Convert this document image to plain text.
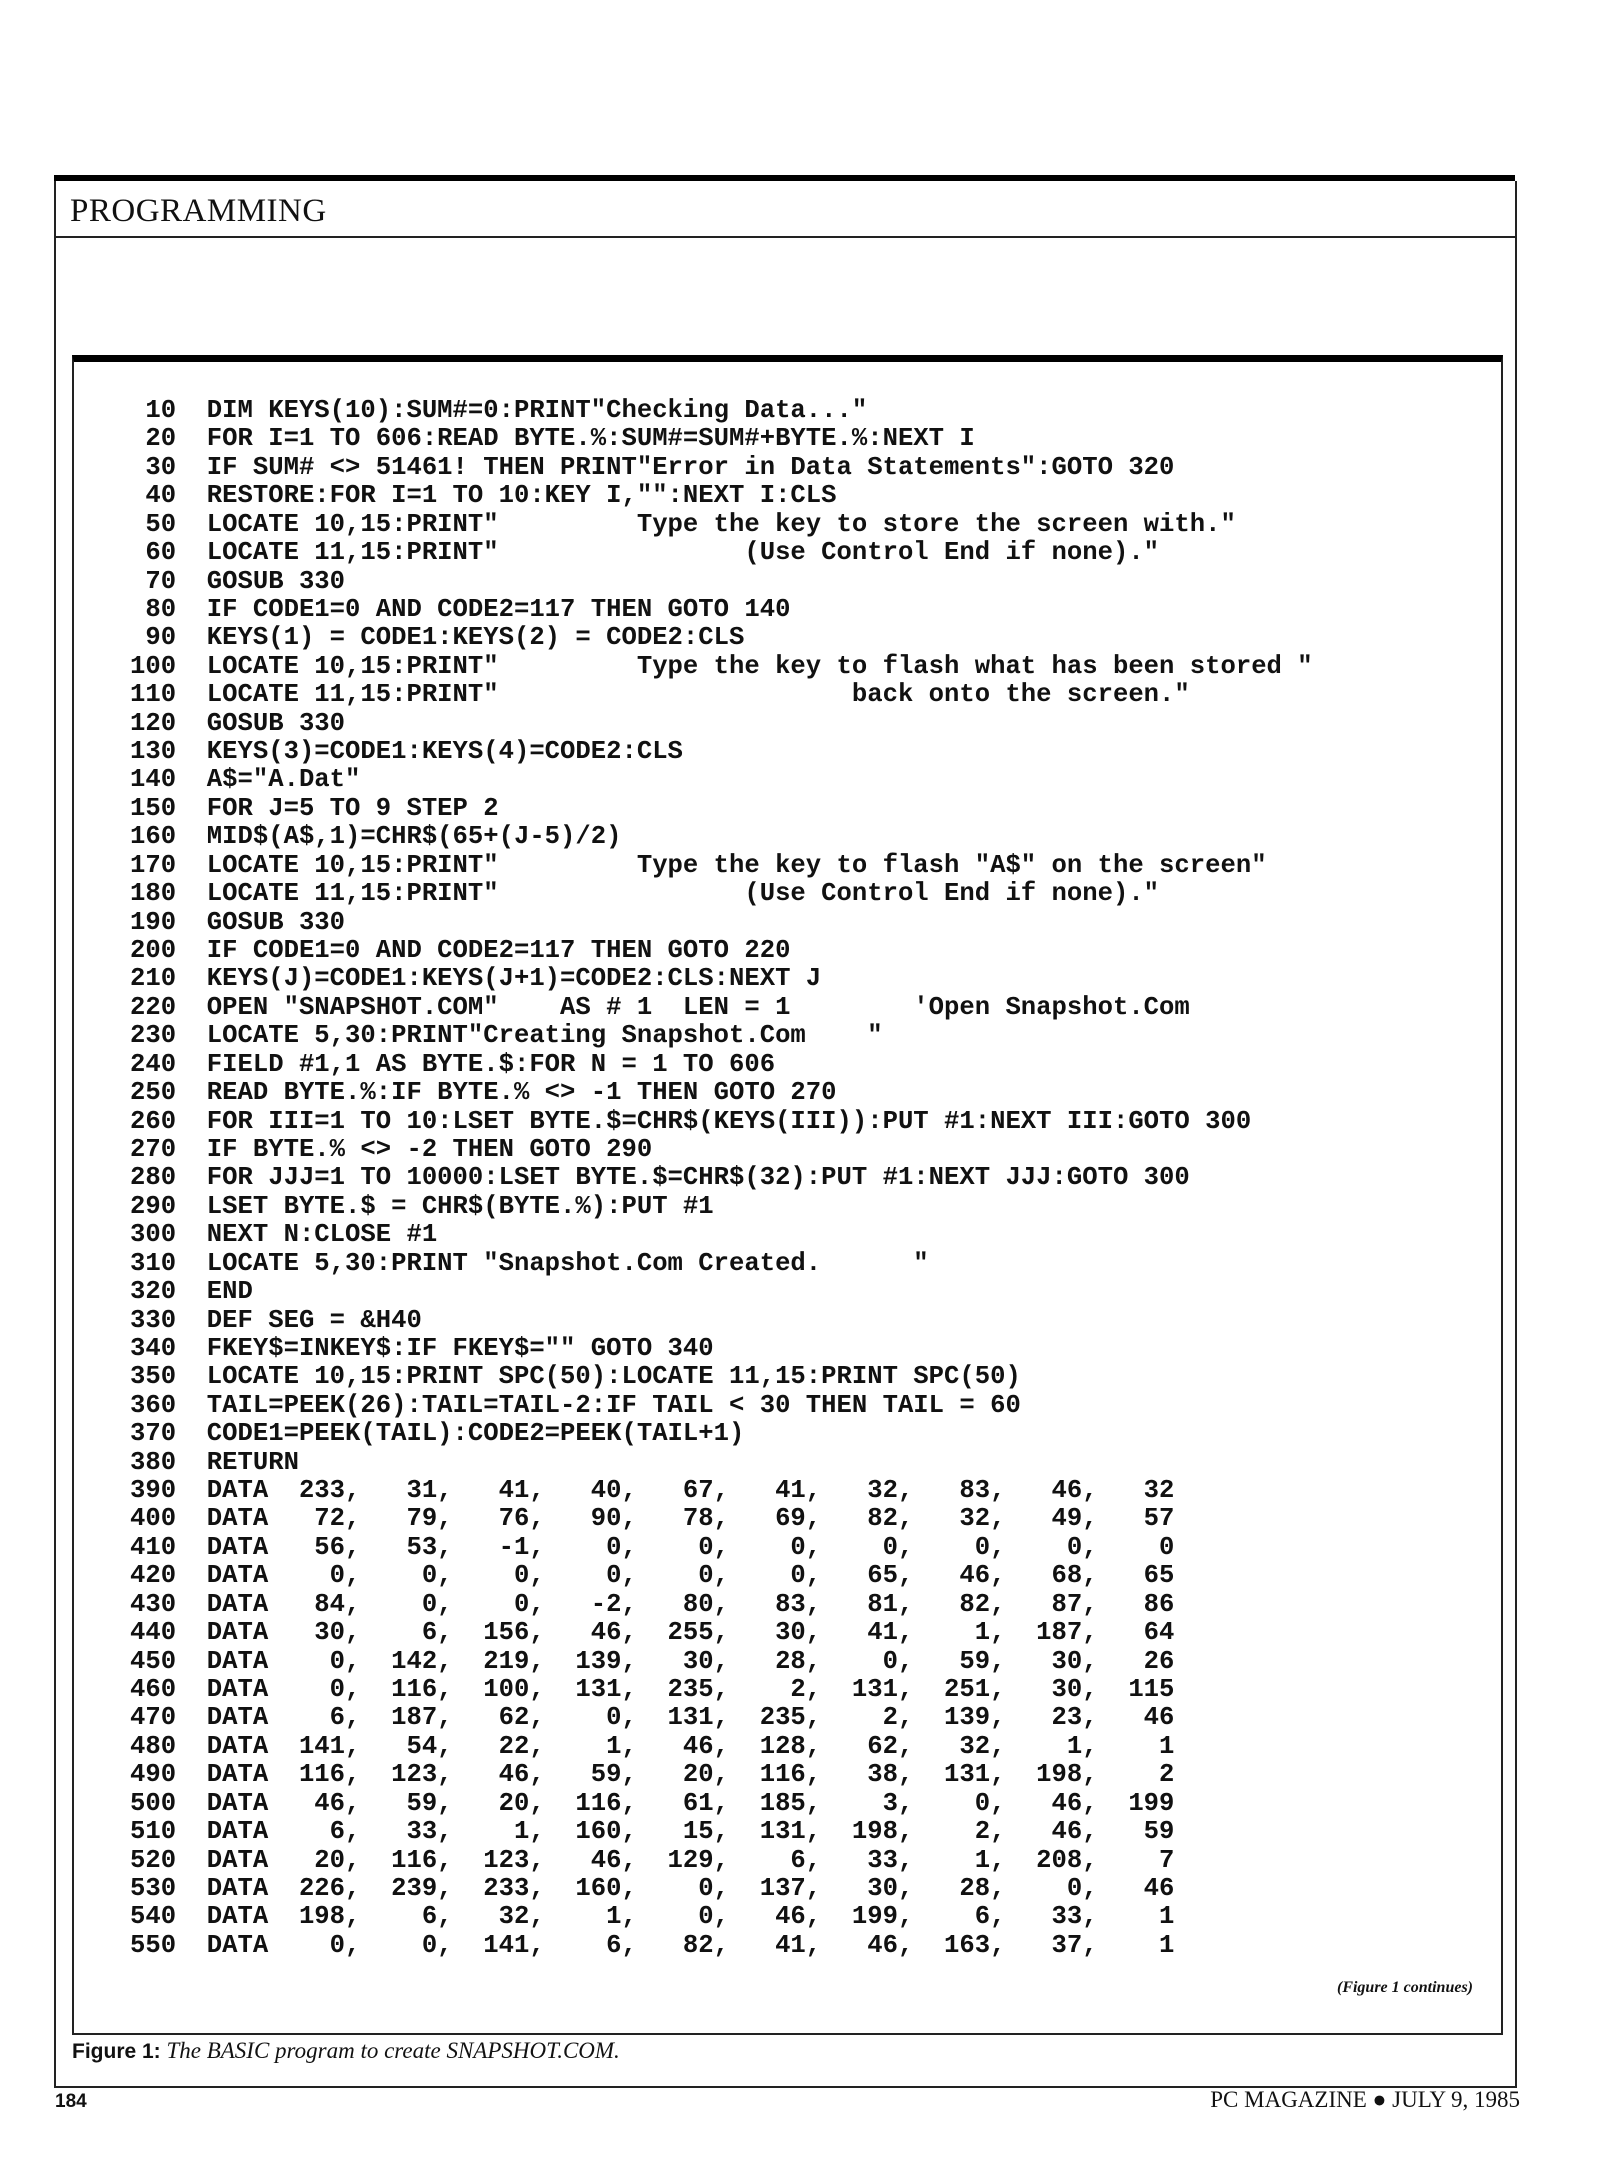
PROGRAMMING
10  DIM KEYS(10):SUM#=0:PRINT"Checking Data..."
20  FOR I=1 TO 606:READ BYTE.%:SUM#=SUM#+BYTE.%:NEXT I
30  IF SUM# <> 51461! THEN PRINT"Error in Data Statements":GOTO 320
40  RESTORE:FOR I=1 TO 10:KEY I,"":NEXT I:CLS
50  LOCATE 10,15:PRINT"         Type the key to store the screen with."
60  LOCATE 11,15:PRINT"                (Use Control End if none)."
70  GOSUB 330
80  IF CODE1=0 AND CODE2=117 THEN GOTO 140
90  KEYS(1) = CODE1:KEYS(2) = CODE2:CLS
100  LOCATE 10,15:PRINT"         Type the key to flash what has been stored "
110  LOCATE 11,15:PRINT"                       back onto the screen."
120  GOSUB 330
130  KEYS(3)=CODE1:KEYS(4)=CODE2:CLS
140  A$="A.Dat"
150  FOR J=5 TO 9 STEP 2
160  MID$(A$,1)=CHR$(65+(J-5)/2)
170  LOCATE 10,15:PRINT"         Type the key to flash "A$" on the screen"
180  LOCATE 11,15:PRINT"                (Use Control End if none)."
190  GOSUB 330
200  IF CODE1=0 AND CODE2=117 THEN GOTO 220
210  KEYS(J)=CODE1:KEYS(J+1)=CODE2:CLS:NEXT J
220  OPEN "SNAPSHOT.COM"    AS # 1  LEN = 1        'Open Snapshot.Com
230  LOCATE 5,30:PRINT"Creating Snapshot.Com    "
240  FIELD #1,1 AS BYTE.$:FOR N = 1 TO 606
250  READ BYTE.%:IF BYTE.% <> -1 THEN GOTO 270
260  FOR III=1 TO 10:LSET BYTE.$=CHR$(KEYS(III)):PUT #1:NEXT III:GOTO 300
270  IF BYTE.% <> -2 THEN GOTO 290
280  FOR JJJ=1 TO 10000:LSET BYTE.$=CHR$(32):PUT #1:NEXT JJJ:GOTO 300
290  LSET BYTE.$ = CHR$(BYTE.%):PUT #1
300  NEXT N:CLOSE #1
310  LOCATE 5,30:PRINT "Snapshot.Com Created.      "
320  END
330  DEF SEG = &H40
340  FKEY$=INKEY$:IF FKEY$="" GOTO 340
350  LOCATE 10,15:PRINT SPC(50):LOCATE 11,15:PRINT SPC(50)
360  TAIL=PEEK(26):TAIL=TAIL-2:IF TAIL < 30 THEN TAIL = 60
370  CODE1=PEEK(TAIL):CODE2=PEEK(TAIL+1)
380  RETURN
390  DATA  233,   31,   41,   40,   67,   41,   32,   83,   46,   32
400  DATA   72,   79,   76,   90,   78,   69,   82,   32,   49,   57
410  DATA   56,   53,   -1,    0,    0,    0,    0,    0,    0,    0
420  DATA    0,    0,    0,    0,    0,    0,   65,   46,   68,   65
430  DATA   84,    0,    0,   -2,   80,   83,   81,   82,   87,   86
440  DATA   30,    6,  156,   46,  255,   30,   41,    1,  187,   64
450  DATA    0,  142,  219,  139,   30,   28,    0,   59,   30,   26
460  DATA    0,  116,  100,  131,  235,    2,  131,  251,   30,  115
470  DATA    6,  187,   62,    0,  131,  235,    2,  139,   23,   46
480  DATA  141,   54,   22,    1,   46,  128,   62,   32,    1,    1
490  DATA  116,  123,   46,   59,   20,  116,   38,  131,  198,    2
500  DATA   46,   59,   20,  116,   61,  185,    3,    0,   46,  199
510  DATA    6,   33,    1,  160,   15,  131,  198,    2,   46,   59
520  DATA   20,  116,  123,   46,  129,    6,   33,    1,  208,    7
530  DATA  226,  239,  233,  160,    0,  137,   30,   28,    0,   46
540  DATA  198,    6,   32,    1,    0,   46,  199,    6,   33,    1
550  DATA    0,    0,  141,    6,   82,   41,   46,  163,   37,    1
(Figure 1 continues)
Figure 1: The BASIC program to create SNAPSHOT.COM.
184	PC MAGAZINE ● JULY 9, 1985
